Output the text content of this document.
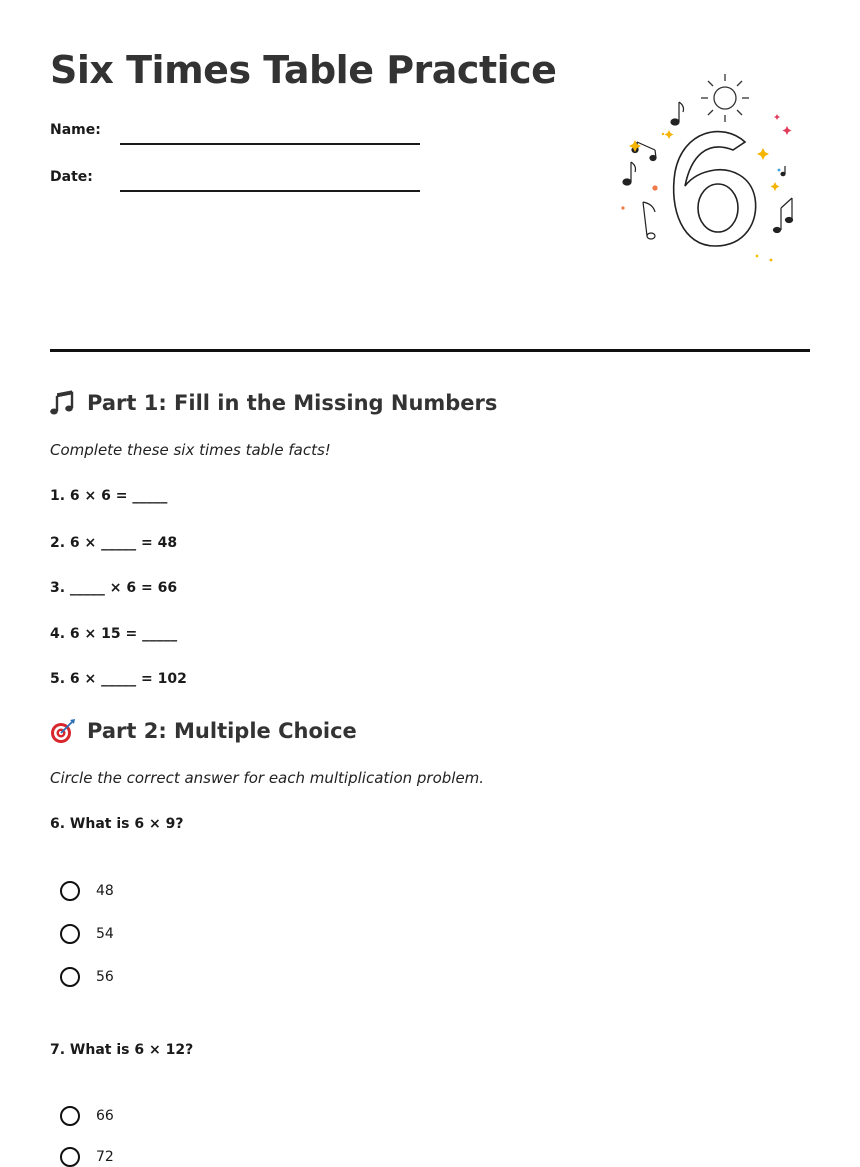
Six Times Table Practice
Name:
Date:
Part 1: Fill in the Missing Numbers
Complete these six times table facts!
1. 6 × 6 = _____
2. 6 × _____ = 48
3. _____ × 6 = 66
4. 6 × 15 = _____
5. 6 × _____ = 102
Part 2: Multiple Choice
Circle the correct answer for each multiplication problem.
6. What is 6 × 9?
48
54
56
7. What is 6 × 12?
66
72
